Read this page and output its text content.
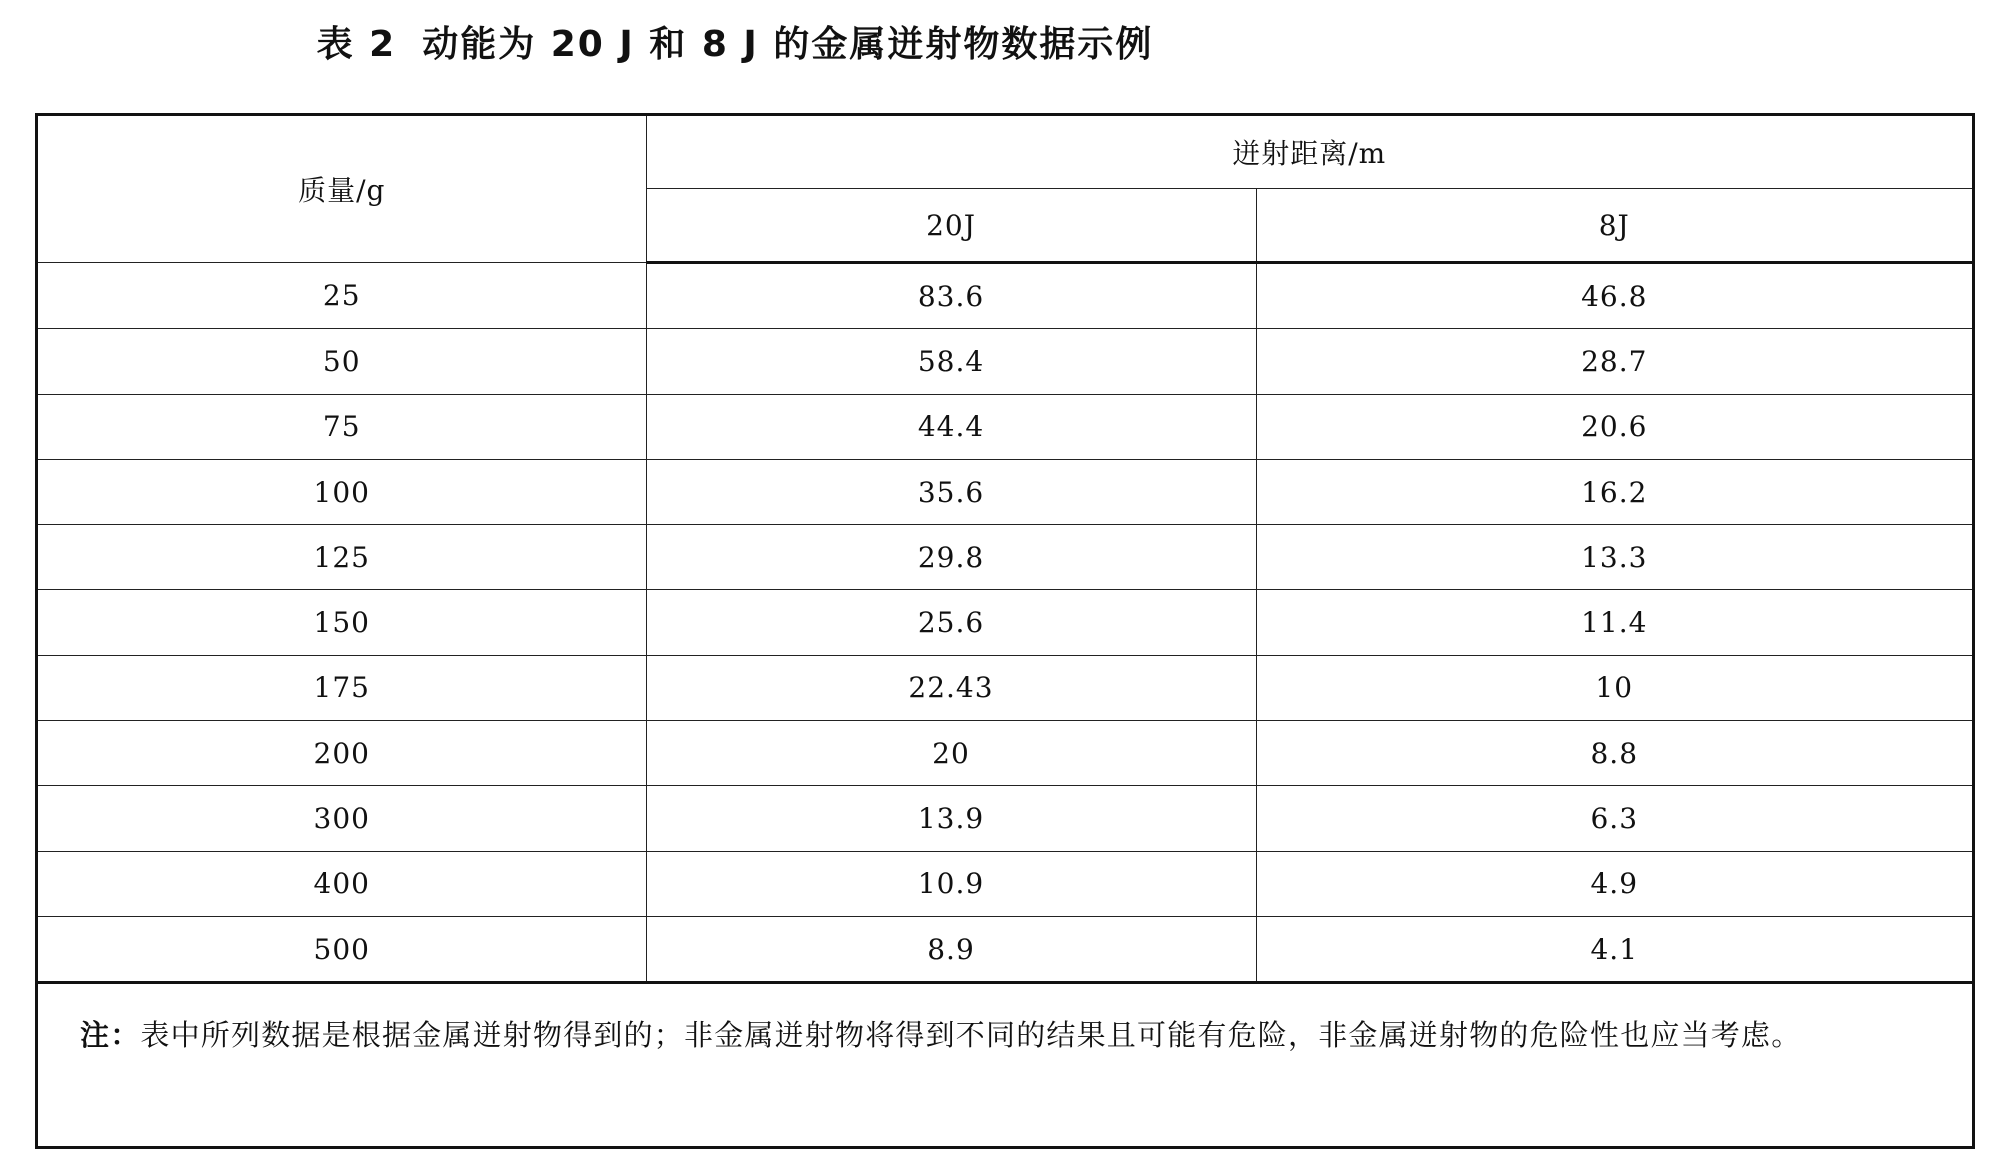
表 2 动能为 20 J 和 8 J 的金属迸射物数据示例
质量/g	迸射距离/m	
	20J	8J
25	83.6	46.8
50	58.4	28.7
75	44.4	20.6
100	35.6	16.2
125	29.8	13.3
150	25.6	11.4
175	22.43	10
200	20	8.8
300	13.9	6.3
400	10.9	4.9
500	8.9	4.1
注：表中所列数据是根据金属迸射物得到的；非金属迸射物将得到不同的结果且可能有危险，非金属迸射物的危险性也应当考虑。
